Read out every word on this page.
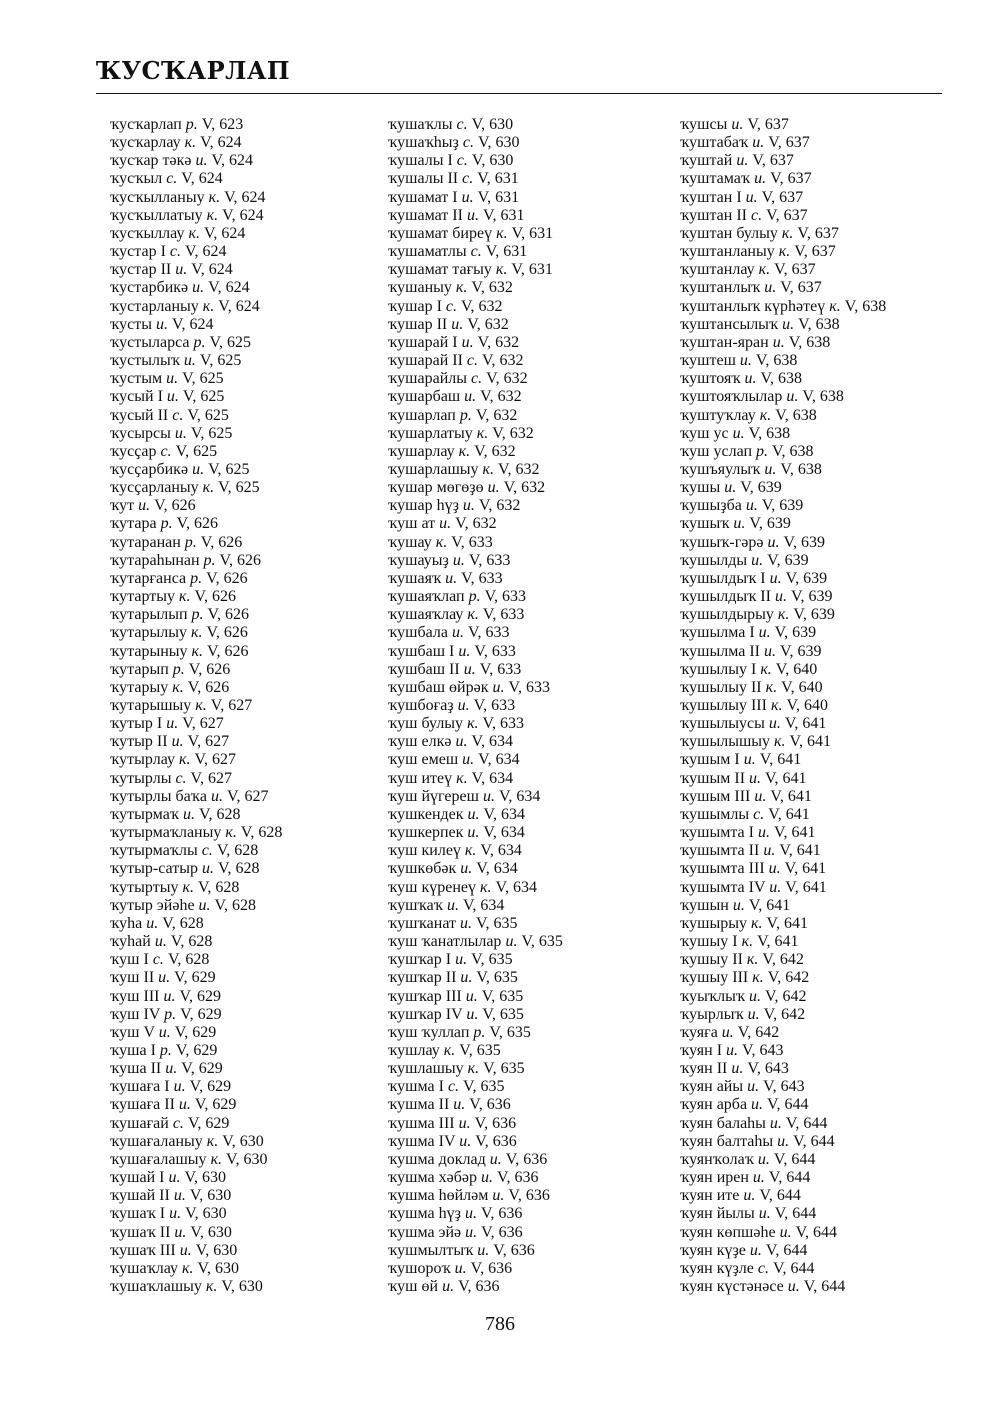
ҠУСҠАРЛАП
ҡусҡарлап р. V, 623
ҡусҡарлау к. V, 624
ҡусҡар тәкә и. V, 624
ҡусҡыл с. V, 624
ҡусҡылланыу к. V, 624
ҡусҡыллатыу к. V, 624
ҡусҡыллау к. V, 624
ҡустар I с. V, 624
ҡустар II и. V, 624
ҡустарбикә и. V, 624
ҡустарланыу к. V, 624
ҡусты и. V, 624
ҡустыларса р. V, 625
ҡустылыҡ и. V, 625
ҡустым и. V, 625
ҡусый I и. V, 625
ҡусый II с. V, 625
ҡусырсы и. V, 625
ҡусҫар с. V, 625
ҡусҫарбикә и. V, 625
ҡусҫарланыу к. V, 625
ҡут и. V, 626
ҡутара р. V, 626
ҡутаранан р. V, 626
ҡутараһынан р. V, 626
ҡутарғанса р. V, 626
ҡутартыу к. V, 626
ҡутарылып р. V, 626
ҡутарылыу к. V, 626
ҡутарыныу к. V, 626
ҡутарып р. V, 626
ҡутарыу к. V, 626
ҡутарышыу к. V, 627
ҡутыр I и. V, 627
ҡутыр II и. V, 627
ҡутырлау к. V, 627
ҡутырлы с. V, 627
ҡутырлы баҡа и. V, 627
ҡутырмаҡ и. V, 628
ҡутырмаҡланыу к. V, 628
ҡутырмаҡлы с. V, 628
ҡутыр-сатыр и. V, 628
ҡутыртыу к. V, 628
ҡутыр эйәһе и. V, 628
ҡуһа и. V, 628
ҡуһай и. V, 628
ҡуш I с. V, 628
ҡуш II и. V, 629
ҡуш III и. V, 629
ҡуш IV р. V, 629
ҡуш V и. V, 629
ҡуша I р. V, 629
ҡуша II и. V, 629
ҡушаға I и. V, 629
ҡушаға II и. V, 629
ҡушағай с. V, 629
ҡушағаланыу к. V, 630
ҡушағалашыу к. V, 630
ҡушай I и. V, 630
ҡушай II и. V, 630
ҡушаҡ I и. V, 630
ҡушаҡ II и. V, 630
ҡушаҡ III и. V, 630
ҡушаҡлау к. V, 630
ҡушаҡлашыу к. V, 630
ҡушаҡлы с. V, 630
ҡушаҡһыҙ с. V, 630
ҡушалы I с. V, 630
ҡушалы II с. V, 631
ҡушамат I и. V, 631
ҡушамат II и. V, 631
ҡушамат биреү к. V, 631
ҡушаматлы с. V, 631
ҡушамат тағыу к. V, 631
ҡушаныу к. V, 632
ҡушар I с. V, 632
ҡушар II и. V, 632
ҡушарай I и. V, 632
ҡушарай II с. V, 632
ҡушарайлы с. V, 632
ҡушарбаш и. V, 632
ҡушарлап р. V, 632
ҡушарлатыу к. V, 632
ҡушарлау к. V, 632
ҡушарлашыу к. V, 632
ҡушар мөгөҙө и. V, 632
ҡушар һүҙ и. V, 632
ҡуш ат и. V, 632
ҡушау к. V, 633
ҡушауыҙ и. V, 633
ҡушаяҡ и. V, 633
ҡушаяҡлап р. V, 633
ҡушаяҡлау к. V, 633
ҡушбала и. V, 633
ҡушбаш I и. V, 633
ҡушбаш II и. V, 633
ҡушбаш өйрәк и. V, 633
ҡушбоғаҙ и. V, 633
ҡуш булыу к. V, 633
ҡуш елкә и. V, 634
ҡуш емеш и. V, 634
ҡуш итеү к. V, 634
ҡуш йүгереш и. V, 634
ҡушкендек и. V, 634
ҡушкерпек и. V, 634
ҡуш килеү к. V, 634
ҡушкөбәк и. V, 634
ҡуш күренеү к. V, 634
ҡушҡаҡ и. V, 634
ҡушҡанат и. V, 635
ҡуш ҡанатлылар и. V, 635
ҡушҡар I и. V, 635
ҡушҡар II и. V, 635
ҡушҡар III и. V, 635
ҡушҡар IV и. V, 635
ҡуш ҡуллап р. V, 635
ҡушлау к. V, 635
ҡушлашыу к. V, 635
ҡушма I с. V, 635
ҡушма II и. V, 636
ҡушма III и. V, 636
ҡушма IV и. V, 636
ҡушма доклад и. V, 636
ҡушма хәбәр и. V, 636
ҡушма һөйләм и. V, 636
ҡушма һүҙ и. V, 636
ҡушма эйә и. V, 636
ҡушмылтыҡ и. V, 636
ҡушороҡ и. V, 636
ҡуш өй и. V, 636
ҡушсы и. V, 637
ҡуштабаҡ и. V, 637
ҡуштай и. V, 637
ҡуштамаҡ и. V, 637
ҡуштан I и. V, 637
ҡуштан II с. V, 637
ҡуштан булыу к. V, 637
ҡуштанланыу к. V, 637
ҡуштанлау к. V, 637
ҡуштанлыҡ и. V, 637
ҡуштанлыҡ күрһәтеү к. V, 638
ҡуштансылыҡ и. V, 638
ҡуштан-яран и. V, 638
ҡуштеш и. V, 638
ҡуштояҡ и. V, 638
ҡуштояҡлылар и. V, 638
ҡуштуҡлау к. V, 638
ҡуш ус и. V, 638
ҡуш услап р. V, 638
ҡушъяулыҡ и. V, 638
ҡушы и. V, 639
ҡушыҙба и. V, 639
ҡушыҡ и. V, 639
ҡушыҡ-гәрә и. V, 639
ҡушылды и. V, 639
ҡушылдыҡ I и. V, 639
ҡушылдыҡ II и. V, 639
ҡушылдырыу к. V, 639
ҡушылма I и. V, 639
ҡушылма II и. V, 639
ҡушылыу I к. V, 640
ҡушылыу II к. V, 640
ҡушылыу III к. V, 640
ҡушылыусы и. V, 641
ҡушылышыу к. V, 641
ҡушым I и. V, 641
ҡушым II и. V, 641
ҡушым III и. V, 641
ҡушымлы с. V, 641
ҡушымта I и. V, 641
ҡушымта II и. V, 641
ҡушымта III и. V, 641
ҡушымта IV и. V, 641
ҡушын и. V, 641
ҡушырыу к. V, 641
ҡушыу I к. V, 641
ҡушыу II к. V, 642
ҡушыу III к. V, 642
ҡуыҡлыҡ и. V, 642
ҡуырлыҡ и. V, 642
ҡуяға и. V, 642
ҡуян I и. V, 643
ҡуян II и. V, 643
ҡуян айы и. V, 643
ҡуян арба и. V, 644
ҡуян балаһы и. V, 644
ҡуян балтаһы и. V, 644
ҡуянҡолаҡ и. V, 644
ҡуян ирен и. V, 644
ҡуян ите и. V, 644
ҡуян йылы и. V, 644
ҡуян көпшәһе и. V, 644
ҡуян күҙе и. V, 644
ҡуян күҙле с. V, 644
ҡуян күстәнәсе и. V, 644
786
